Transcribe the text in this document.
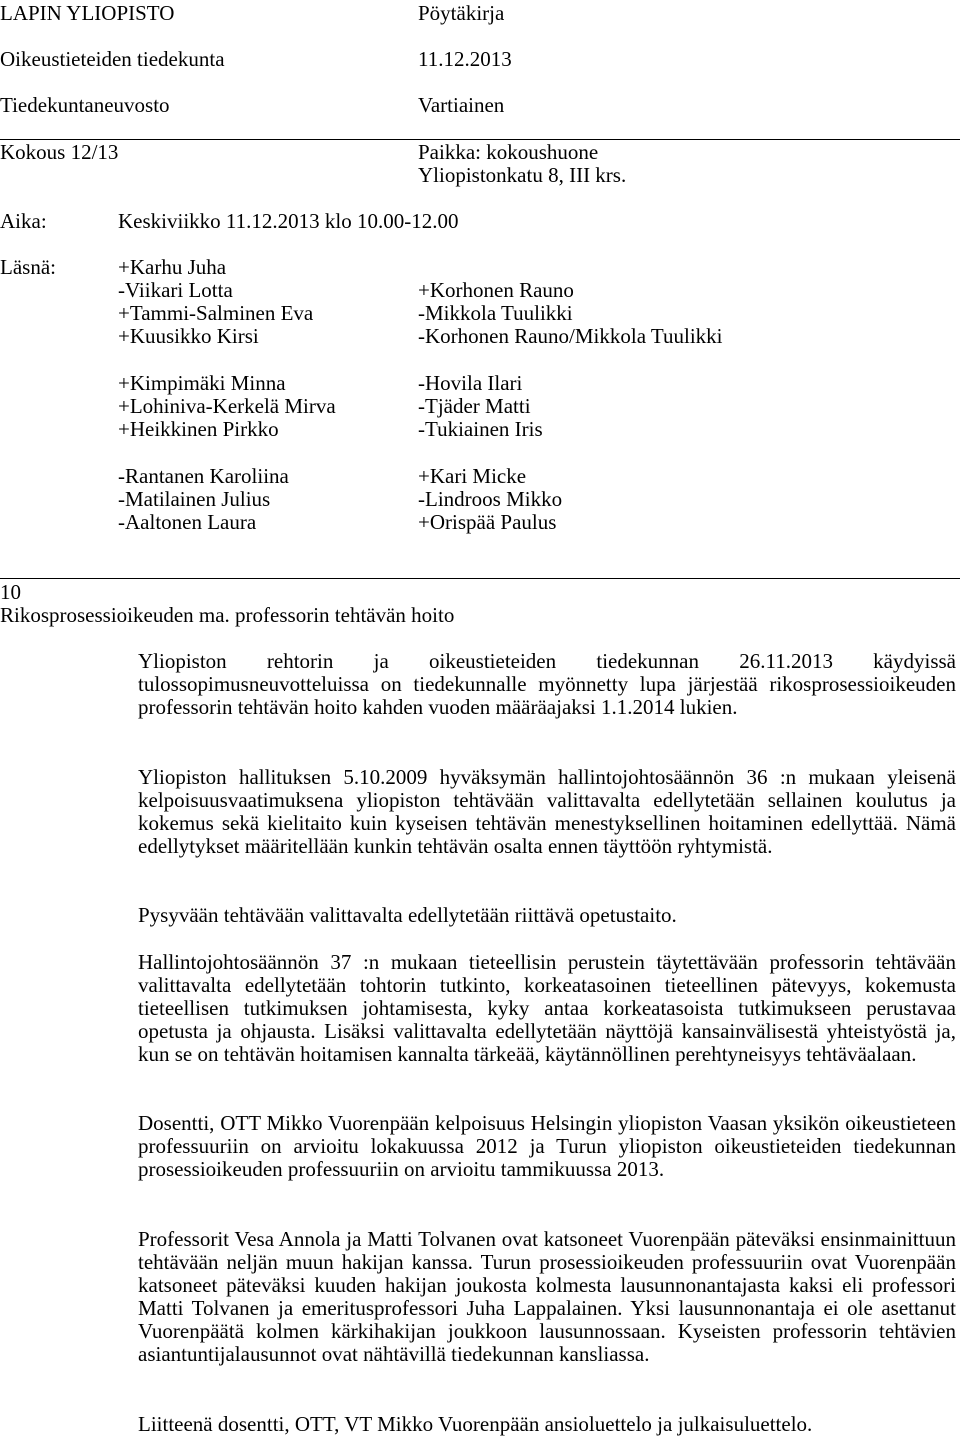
LAPIN YLIOPISTO	Pöytäkirja
Oikeustieteiden tiedekunta	11.12.2013
Tiedekuntaneuvosto	Vartiainen
Kokous 12/13	Paikka: kokoushuone
Yliopistonkatu 8, III krs.
Aika:	Keskiviikko 11.12.2013 klo 10.00-12.00
Läsnä:	+Karhu Juha
-Viikari Lotta	+Korhonen Rauno
+Tammi-Salminen Eva	-Mikkola Tuulikki
+Kuusikko Kirsi	-Korhonen Rauno/Mikkola Tuulikki
+Kimpimäki Minna	-Hovila Ilari
+Lohiniva-Kerkelä Mirva	-Tjäder Matti
+Heikkinen Pirkko	-Tukiainen Iris
-Rantanen Karoliina	+Kari Micke
-Matilainen Julius	-Lindroos Mikko
-Aaltonen Laura	+Orispää Paulus
10
Rikosprosessioikeuden ma. professorin tehtävän hoito
Yliopiston rehtorin ja oikeustieteiden tiedekunnan 26.11.2013 käydyissä tulossopimusneuvotteluissa on tiedekunnalle myönnetty lupa järjestää rikosprosessioikeuden professorin tehtävän hoito kahden vuoden määräajaksi 1.1.2014 lukien.
Yliopiston hallituksen 5.10.2009 hyväksymän hallintojohtosäännön 36 :n mukaan yleisenä kelpoisuusvaatimuksena yliopiston tehtävään valittavalta edellytetään sellainen koulutus ja kokemus sekä kielitaito kuin kyseisen tehtävän menestyksellinen hoitaminen edellyttää. Nämä edellytykset määritellään kunkin tehtävän osalta ennen täyttöön ryhtymistä.
Pysyvään tehtävään valittavalta edellytetään riittävä opetustaito.
Hallintojohtosäännön 37 :n mukaan tieteellisin perustein täytettävään professorin tehtävään valittavalta edellytetään tohtorin tutkinto, korkeatasoinen tieteellinen pätevyys, kokemusta tieteellisen tutkimuksen johtamisesta, kyky antaa korkeatasoista tutkimukseen perustavaa opetusta ja ohjausta. Lisäksi valittavalta edellytetään näyttöjä kansainvälisestä yhteistyöstä ja, kun se on tehtävän hoitamisen kannalta tärkeää, käytännöllinen perehtyneisyys tehtäväalaan.
Dosentti, OTT Mikko Vuorenpään kelpoisuus Helsingin yliopiston Vaasan yksikön oikeustieteen professuuriin on arvioitu lokakuussa 2012 ja Turun yliopiston oikeustieteiden tiedekunnan prosessioikeuden professuuriin on arvioitu tammikuussa 2013.
Professorit Vesa Annola ja Matti Tolvanen ovat katsoneet Vuorenpään päteväksi ensinmainittuun tehtävään neljän muun hakijan kanssa. Turun prosessioikeuden professuuriin ovat Vuorenpään katsoneet päteväksi kuuden hakijan joukosta kolmesta lausunnonantajasta kaksi eli professori Matti Tolvanen ja emeritusprofessori Juha Lappalainen. Yksi lausunnonantaja ei ole asettanut Vuorenpäätä kolmen kärkihakijan joukkoon lausunnossaan. Kyseisten professorin tehtävien asiantuntijalausunnot ovat nähtävillä tiedekunnan kansliassa.
Liitteenä dosentti, OTT, VT Mikko Vuorenpään ansioluettelo ja julkaisuluettelo.
